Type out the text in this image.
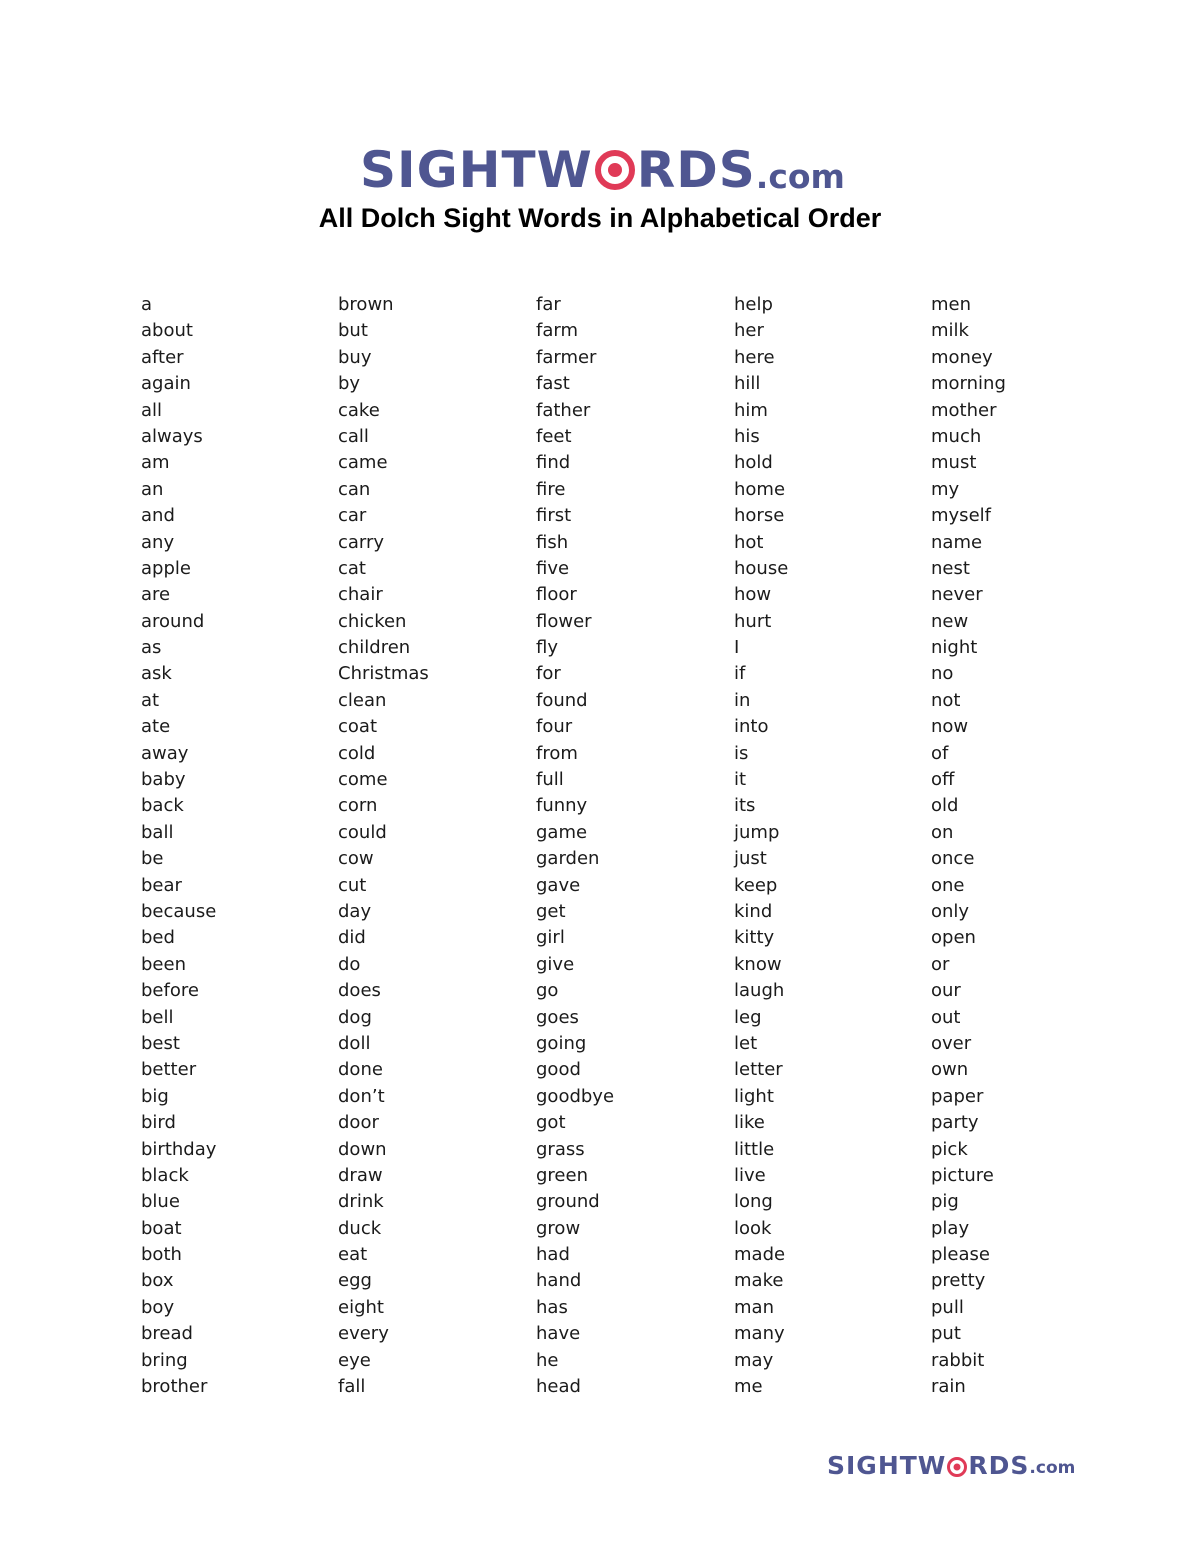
SIGHTW RDS .com
All Dolch Sight Words in Alphabetical Order
a
about
after
again
all
always
am
an
and
any
apple
are
around
as
ask
at
ate
away
baby
back
ball
be
bear
because
bed
been
before
bell
best
better
big
bird
birthday
black
blue
boat
both
box
boy
bread
bring
brother
brown
but
buy
by
cake
call
came
can
car
carry
cat
chair
chicken
children
Christmas
clean
coat
cold
come
corn
could
cow
cut
day
did
do
does
dog
doll
done
don’t
door
down
draw
drink
duck
eat
egg
eight
every
eye
fall
far
farm
farmer
fast
father
feet
find
fire
first
fish
five
floor
flower
fly
for
found
four
from
full
funny
game
garden
gave
get
girl
give
go
goes
going
good
goodbye
got
grass
green
ground
grow
had
hand
has
have
he
head
help
her
here
hill
him
his
hold
home
horse
hot
house
how
hurt
I
if
in
into
is
it
its
jump
just
keep
kind
kitty
know
laugh
leg
let
letter
light
like
little
live
long
look
made
make
man
many
may
me
men
milk
money
morning
mother
much
must
my
myself
name
nest
never
new
night
no
not
now
of
off
old
on
once
one
only
open
or
our
out
over
own
paper
party
pick
picture
pig
play
please
pretty
pull
put
rabbit
rain
SIGHTW RDS .com
